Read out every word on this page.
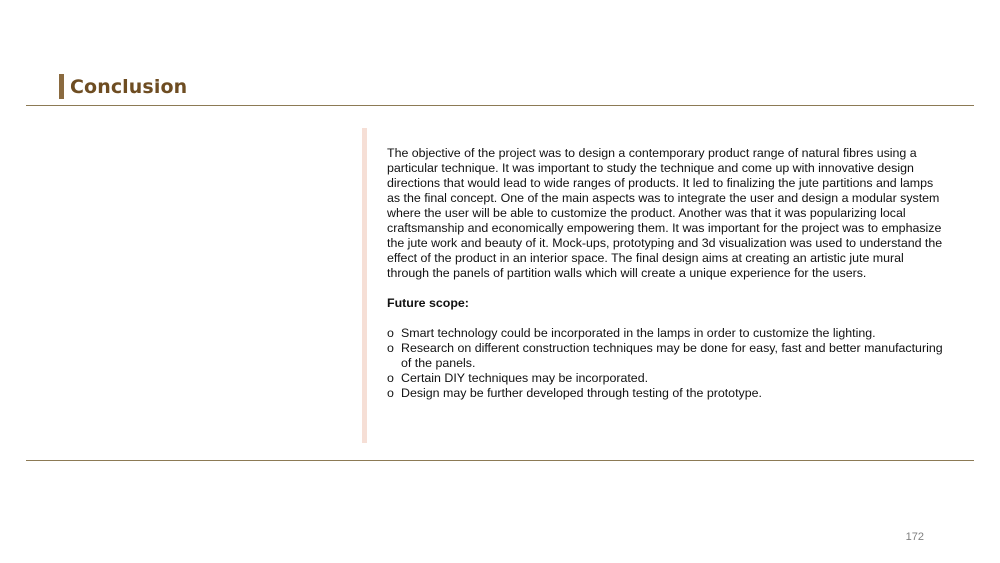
Conclusion

The objective of the project was to design a contemporary product range of natural fibres using a particular technique. It was important to study the technique and come up with innovative design directions that would lead to wide ranges of products. It led to finalizing the jute partitions and lamps as the final concept. One of the main aspects was to integrate the user and design a modular system where the user will be able to customize the product. Another was that it was popularizing local craftsmanship and economically empowering them. It was important for the project was to emphasize the jute work and beauty of it. Mock-ups, prototyping and 3d visualization was used to understand the effect of the product in an interior space. The final design aims at creating an artistic jute mural through the panels of partition walls which will create a unique experience for the users.

Future scope:

o Smart technology could be incorporated in the lamps in order to customize the lighting.
o Research on different construction techniques may be done for easy, fast and better manufacturing of the panels.
o Certain DIY techniques may be incorporated.
o Design may be further developed through testing of the prototype.
172
